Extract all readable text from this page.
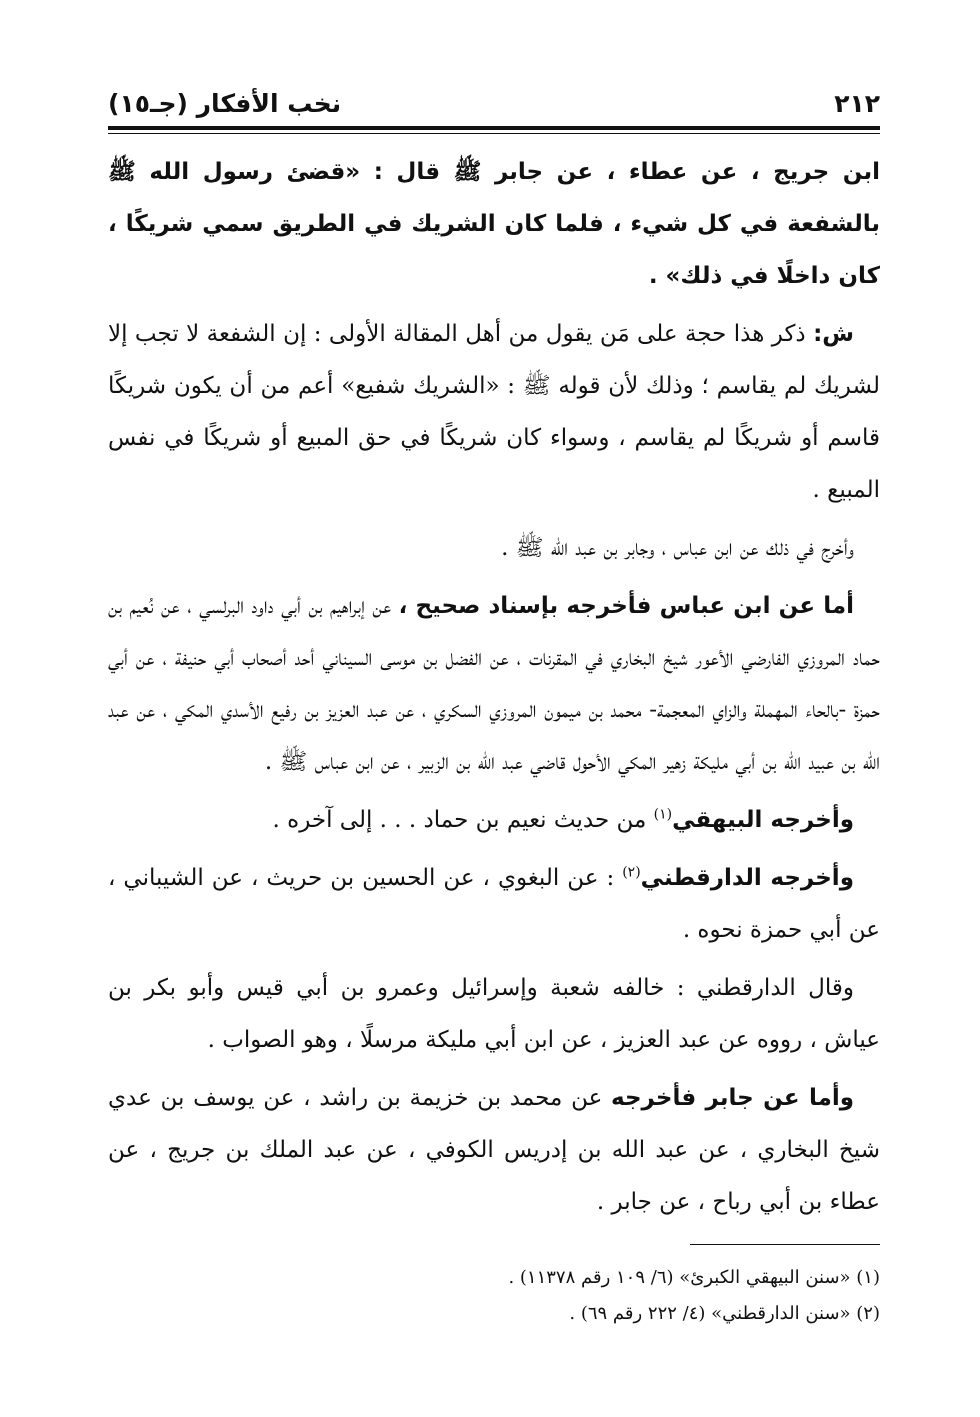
٢١٢
نخب الأفكار (جـ١٥)

ابن جريج ، عن عطاء ، عن جابر ﷺ قال : «قضئ رسول الله ﷺ بالشفعة في كل شيء ، فلما كان الشريك في الطريق سمي شريكًا ، كان داخلًا في ذلك» .

ش: ذكر هذا حجة على مَن يقول من أهل المقالة الأولى : إن الشفعة لا تجب إلا لشريك لم يقاسم ؛ وذلك لأن قوله ﷺ : «الشريك شفيع» أعم من أن يكون شريكًا قاسم أو شريكًا لم يقاسم ، وسواء كان شريكًا في حق المبيع أو شريكًا في نفس المبيع .

وأخرج في ذلك عن ابن عباس ، وجابر بن عبد الله ﷺ .

أما عن ابن عباس فأخرجه بإسناد صحيح ، عن إبراهيم بن أبي داود البرلسي ، عن نُعيم بن حماد المروزي الفارضي الأعور شيخ البخاري في المقرنات ، عن الفضل بن موسى السيناني أحد أصحاب أبي حنيفة ، عن أبي حمزة -بالحاء المهملة والزاي المعجمة- محمد بن ميمون المروزي السكري ، عن عبد العزيز بن رفيع الأسدي المكي ، عن عبد الله بن عبيد الله بن أبي مليكة زهير المكي الأحول قاضي عبد الله بن الزبير ، عن ابن عباس ﷺ .

وأخرجه البيهقي$^{(١)}$ من حديث نعيم بن حماد . . . إلى آخره .

وأخرجه الدارقطني$^{(٢)}$ : عن البغوي ، عن الحسين بن حريث ، عن الشيباني ، عن أبي حمزة نحوه .

وقال الدارقطني : خالفه شعبة وإسرائيل وعمرو بن أبي قيس وأبو بكر بن عياش ، رووه عن عبد العزيز ، عن ابن أبي مليكة مرسلًا ، وهو الصواب .

وأما عن جابر فأخرجه عن محمد بن خزيمة بن راشد ، عن يوسف بن عدي شيخ البخاري ، عن عبد الله بن إدريس الكوفي ، عن عبد الملك بن جريج ، عن عطاء بن أبي رباح ، عن جابر .

(١) «سنن البيهقي الكبرئ» (٦/ ١٠٩ رقم ١١٣٧٨) .

(٢) «سنن الدارقطني» (٤/ ٢٢٢ رقم ٦٩) .
